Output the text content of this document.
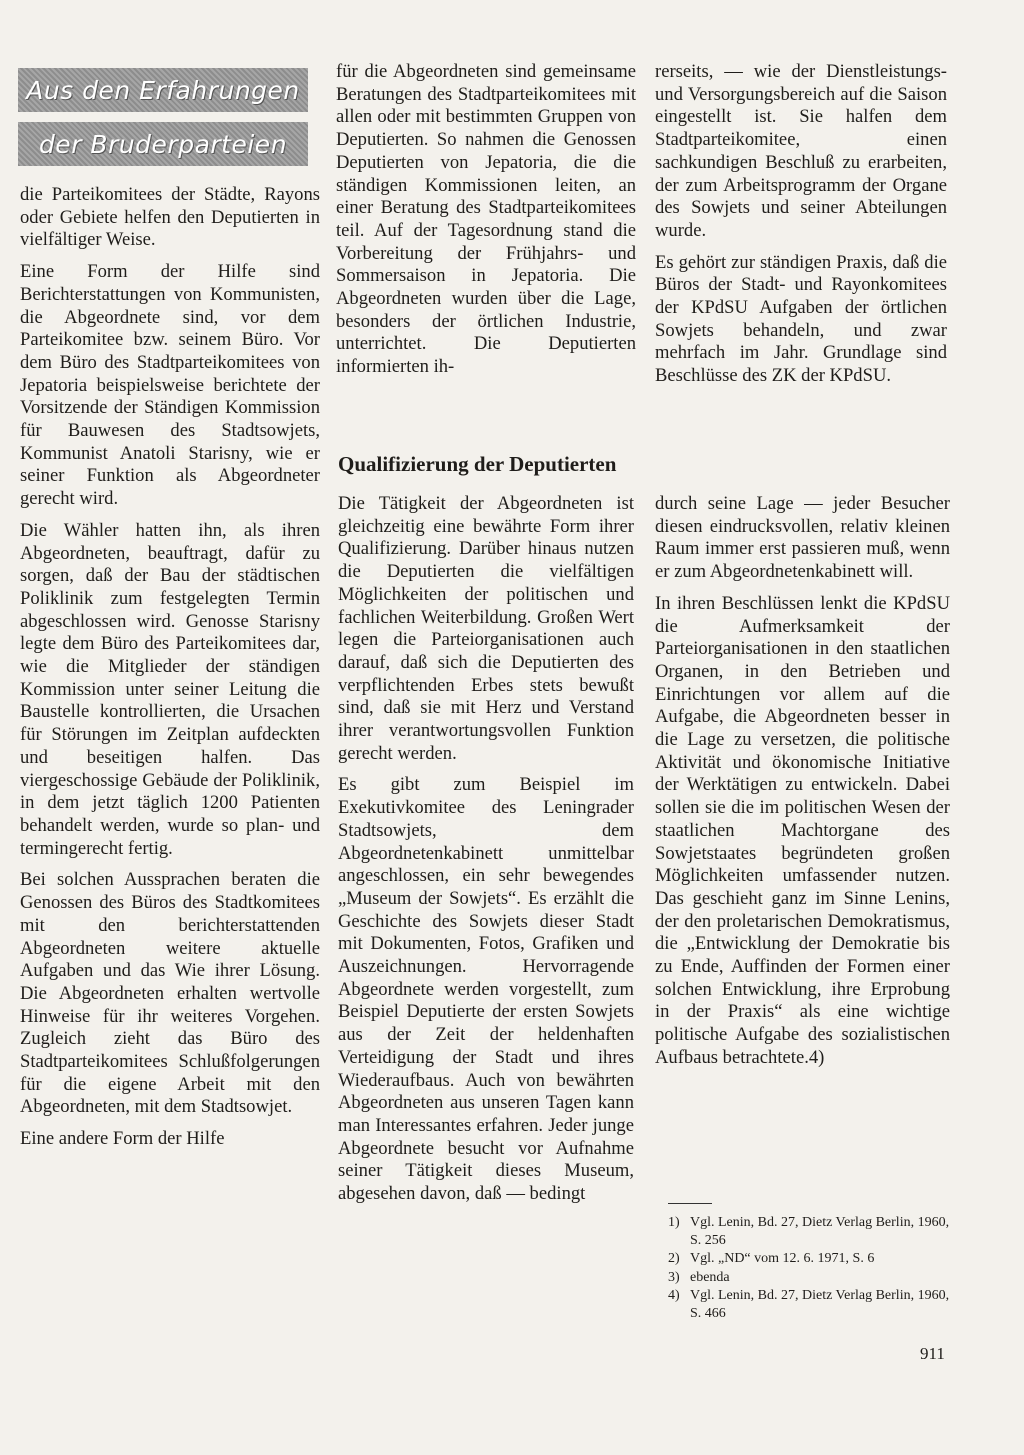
Aus den Erfahrungen
der Bruderparteien

die Parteikomitees der Städte, Rayons oder Gebiete helfen den Deputierten in vielfältiger Weise.

Eine Form der Hilfe sind Berichterstattungen von Kommunisten, die Abgeordnete sind, vor dem Parteikomitee bzw. seinem Büro. Vor dem Büro des Stadtparteikomitees von Jepatoria beispielsweise berichtete der Vorsitzende der Ständigen Kommission für Bauwesen des Stadtsowjets, Kommunist Anatoli Starisny, wie er seiner Funktion als Abgeordneter gerecht wird.

Die Wähler hatten ihn, als ihren Abgeordneten, beauftragt, dafür zu sorgen, daß der Bau der städtischen Poliklinik zum festgelegten Termin abgeschlossen wird. Genosse Starisny legte dem Büro des Parteikomitees dar, wie die Mitglieder der ständigen Kommission unter seiner Leitung die Baustelle kontrollierten, die Ursachen für Störungen im Zeitplan aufdeckten und beseitigen halfen. Das viergeschossige Gebäude der Poliklinik, in dem jetzt täglich 1200 Patienten behandelt werden, wurde so plan- und termingerecht fertig.

Bei solchen Aussprachen beraten die Genossen des Büros des Stadtkomitees mit den berichterstattenden Abgeordneten weitere aktuelle Aufgaben und das Wie ihrer Lösung. Die Abgeordneten erhalten wertvolle Hinweise für ihr weiteres Vorgehen. Zugleich zieht das Büro des Stadtparteikomitees Schlußfolgerungen für die eigene Arbeit mit den Abgeordneten, mit dem Stadtsowjet.

Eine andere Form der Hilfe

für die Abgeordneten sind gemeinsame Beratungen des Stadtparteikomitees mit allen oder mit bestimmten Gruppen von Deputierten. So nahmen die Genossen Deputierten von Jepatoria, die die ständigen Kommissionen leiten, an einer Beratung des Stadtparteikomitees teil. Auf der Tagesordnung stand die Vorbereitung der Frühjahrs- und Sommersaison in Jepatoria. Die Abgeordneten wurden über die Lage, besonders der örtlichen Industrie, unterrichtet. Die Deputierten informierten ih-

rerseits, — wie der Dienstleistungs- und Versorgungsbereich auf die Saison eingestellt ist. Sie halfen dem Stadtparteikomitee, einen sachkundigen Beschluß zu erarbeiten, der zum Arbeitsprogramm der Organe des Sowjets und seiner Abteilungen wurde.

Es gehört zur ständigen Praxis, daß die Büros der Stadt- und Rayonkomitees der KPdSU Aufgaben der örtlichen Sowjets behandeln, und zwar mehrfach im Jahr. Grundlage sind Beschlüsse des ZK der KPdSU.

Qualifizierung der Deputierten

Die Tätigkeit der Abgeordneten ist gleichzeitig eine bewährte Form ihrer Qualifizierung. Darüber hinaus nutzen die Deputierten die vielfältigen Möglichkeiten der politischen und fachlichen Weiterbildung. Großen Wert legen die Parteiorganisationen auch darauf, daß sich die Deputierten des verpflichtenden Erbes stets bewußt sind, daß sie mit Herz und Verstand ihrer verantwortungsvollen Funktion gerecht werden.

Es gibt zum Beispiel im Exekutivkomitee des Leningrader Stadtsowjets, dem Abgeordnetenkabinett unmittelbar angeschlossen, ein sehr bewegendes „Museum der Sowjets“. Es erzählt die Geschichte des Sowjets dieser Stadt mit Dokumenten, Fotos, Grafiken und Auszeichnungen. Hervorragende Abgeordnete werden vorgestellt, zum Beispiel Deputierte der ersten Sowjets aus der Zeit der heldenhaften Verteidigung der Stadt und ihres Wiederaufbaus. Auch von bewährten Abgeordneten aus unseren Tagen kann man Interessantes erfahren. Jeder junge Abgeordnete besucht vor Aufnahme seiner Tätigkeit dieses Museum, abgesehen davon, daß — bedingt

durch seine Lage — jeder Besucher diesen eindrucksvollen, relativ kleinen Raum immer erst passieren muß, wenn er zum Abgeordnetenkabinett will.

In ihren Beschlüssen lenkt die KPdSU die Aufmerksamkeit der Parteiorganisationen in den staatlichen Organen, in den Betrieben und Einrichtungen vor allem auf die Aufgabe, die Abgeordneten besser in die Lage zu versetzen, die politische Aktivität und ökonomische Initiative der Werktätigen zu entwickeln. Dabei sollen sie die im politischen Wesen der staatlichen Machtorgane des Sowjetstaates begründeten großen Möglichkeiten umfassender nutzen. Das geschieht ganz im Sinne Lenins, der den proletarischen Demokratismus, die „Entwicklung der Demokratie bis zu Ende, Auffinden der Formen einer solchen Entwicklung, ihre Erprobung in der Praxis“ als eine wichtige politische Aufgabe des sozialistischen Aufbaus betrachtete.4)

1) Vgl. Lenin, Bd. 27, Dietz Verlag Berlin, 1960, S. 256
2) Vgl. „ND“ vom 12. 6. 1971, S. 6
3) ebenda
4) Vgl. Lenin, Bd. 27, Dietz Verlag Berlin, 1960, S. 466
911
